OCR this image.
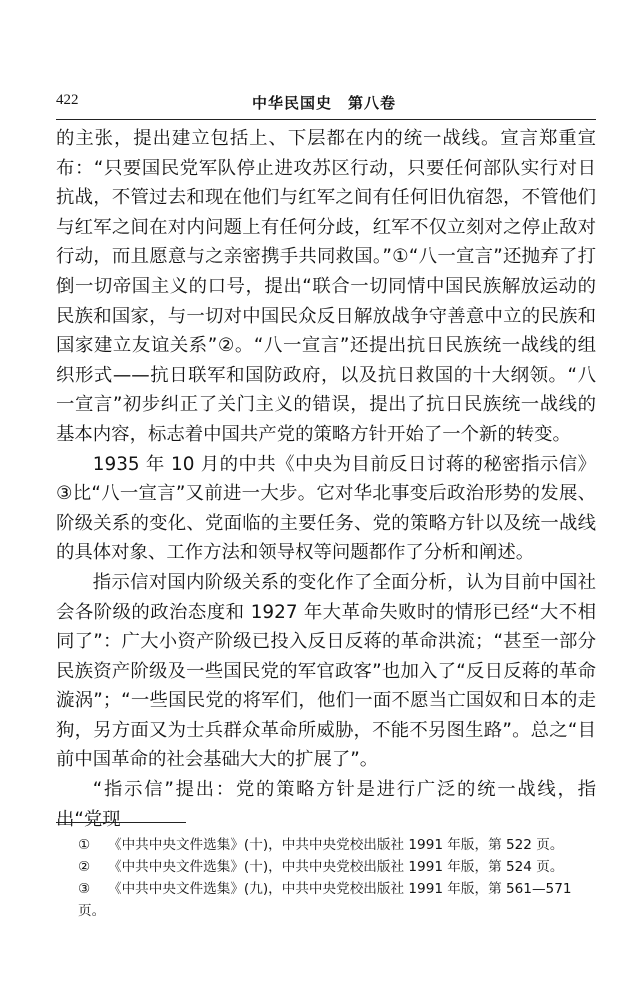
422	中华民国史　第八卷

的主张，提出建立包括上、下层都在内的统一战线。宣言郑重宣布：“只要国民党军队停止进攻苏区行动，只要任何部队实行对日抗战，不管过去和现在他们与红军之间有任何旧仇宿怨，不管他们与红军之间在对内问题上有任何分歧，红军不仅立刻对之停止敌对行动，而且愿意与之亲密携手共同救国。”①“八一宣言”还抛弃了打倒一切帝国主义的口号，提出“联合一切同情中国民族解放运动的民族和国家，与一切对中国民众反日解放战争守善意中立的民族和国家建立友谊关系”②。“八一宣言”还提出抗日民族统一战线的组织形式——抗日联军和国防政府，以及抗日救国的十大纲领。“八一宣言”初步纠正了关门主义的错误，提出了抗日民族统一战线的基本内容，标志着中国共产党的策略方针开始了一个新的转变。

1935 年 10 月的中共《中央为目前反日讨蒋的秘密指示信》③比“八一宣言”又前进一大步。它对华北事变后政治形势的发展、阶级关系的变化、党面临的主要任务、党的策略方针以及统一战线的具体对象、工作方法和领导权等问题都作了分析和阐述。

指示信对国内阶级关系的变化作了全面分析，认为目前中国社会各阶级的政治态度和 1927 年大革命失败时的情形已经“大不相同了”：广大小资产阶级已投入反日反蒋的革命洪流；“甚至一部分民族资产阶级及一些国民党的军官政客”也加入了“反日反蒋的革命漩涡”；“一些国民党的将军们，他们一面不愿当亡国奴和日本的走狗，另方面又为士兵群众革命所威胁，不能不另图生路”。总之“目前中国革命的社会基础大大的扩展了”。

“指示信”提出：党的策略方针是进行广泛的统一战线，指出“党现

① 《中共中央文件选集》(十)，中共中央党校出版社 1991 年版，第 522 页。

② 《中共中央文件选集》(十)，中共中央党校出版社 1991 年版，第 524 页。

③ 《中共中央文件选集》(九)，中共中央党校出版社 1991 年版，第 561—571 页。
